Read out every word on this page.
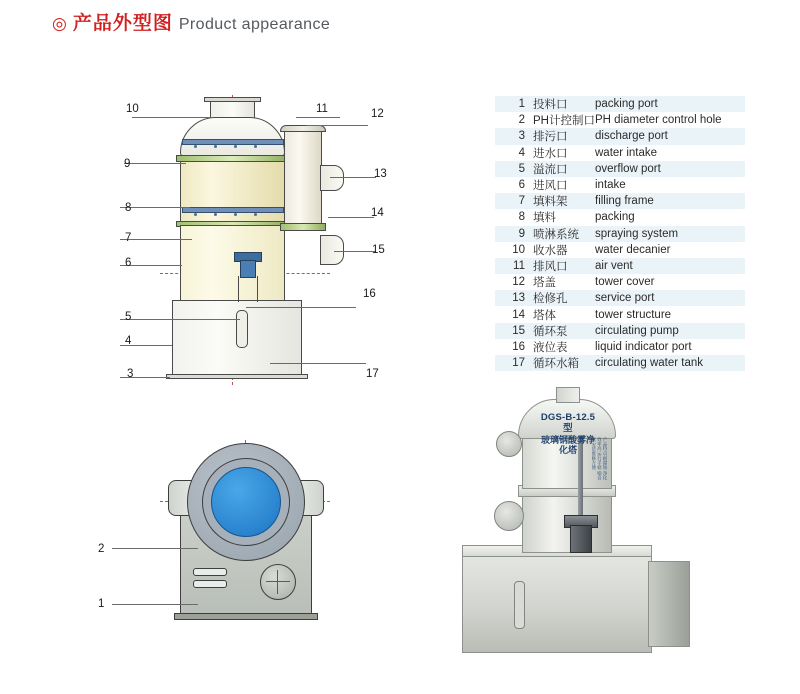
◎ 产品外型图 Product appearance
1 投料口	packing port
2 PH计控制口 PH diameter control hole
3 排污口	discharge port
4 进水口	water intake
5 溢流口	overflow port
6 进风口	intake
7 填料架	filling frame
8 填料	packing
9 喷淋系统	spraying system
10 收水器	water decanier
11 排风口	air vent
12 塔盖	tower cover
13 检修孔	service port
14 塔体	tower structure
15 循环泵	circulating pump
16 液位表	liquid indicator port
17 循环水箱	circulating water tank
10	11	12
9
13
8	14
7
15
6
16
5
4
17
3
2
1
DGS-B-12.5型
玻璃钢酸雾净化塔	产品特点:耐腐蚀 净化效率高 运行平稳 噪音低 安装维修方便
